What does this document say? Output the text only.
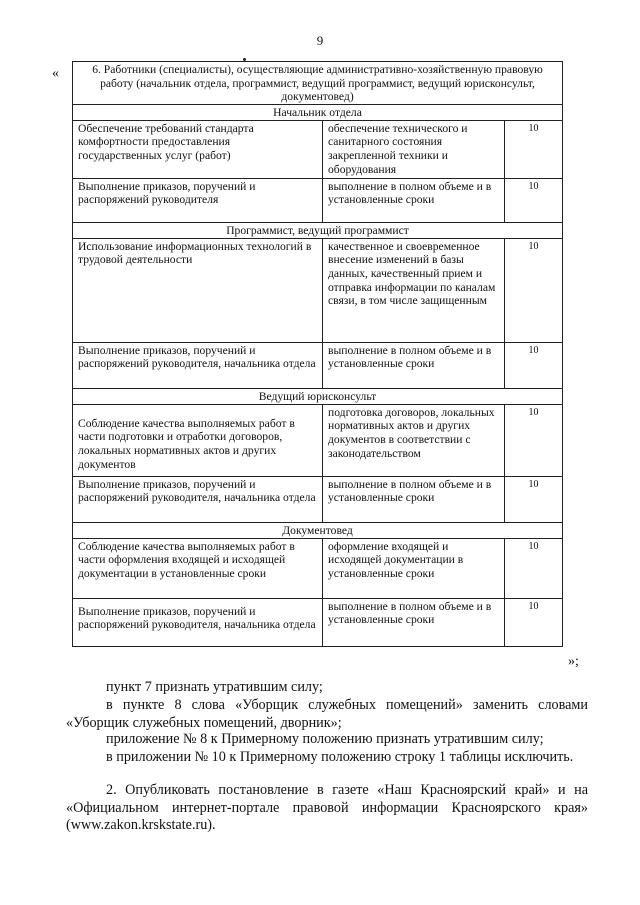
9
«	6. Работники (специалисты), осуществляющие административно-хозяйственную правовую работу (начальник отдела, программист, ведущий программист, ведущий юрисконсульт, документовед)		
Начальник отдела		
Обеспечение требований стандарта комфортности предоставления государственных услуг (работ)	обеспечение технического и санитарного состояния закрепленной техники и оборудования	10
Выполнение приказов, поручений и распоряжений руководителя	выполнение в полном объеме и в установленные сроки	10
Программист, ведущий программист		
Использование информационных технологий в трудовой деятельности	качественное и своевременное внесение изменений в базы данных, качественный прием и отправка информации по каналам связи, в том числе защищенным	10
Выполнение приказов, поручений и распоряжений руководителя, начальника отдела	выполнение в полном объеме и в установленные сроки	10
Ведущий юрисконсульт		
Соблюдение качества выполняемых работ в части подготовки и отработки договоров, локальных нормативных актов и других документов	подготовка договоров, локальных нормативных актов и других документов в соответствии с законодательством	10
Выполнение приказов, поручений и распоряжений руководителя, начальника отдела	выполнение в полном объеме и в установленные сроки	10
Документовед		
Соблюдение качества выполняемых работ в части оформления входящей и исходящей документации в установленные сроки	оформление входящей и исходящей документации в установленные сроки	10
Выполнение приказов, поручений и распоряжений руководителя, начальника отдела	выполнение в полном объеме и в установленные сроки	10
»;
пункт 7 признать утратившим силу;
в пункте 8 слова «Уборщик служебных помещений» заменить словами «Уборщик служебных помещений, дворник»;
приложение № 8 к Примерному положению признать утратившим силу;
в приложении № 10 к Примерному положению строку 1 таблицы исключить.
2. Опубликовать постановление в газете «Наш Красноярский край» и на «Официальном интернет-портале правовой информации Красноярского края» (www.zakon.krskstate.ru).
